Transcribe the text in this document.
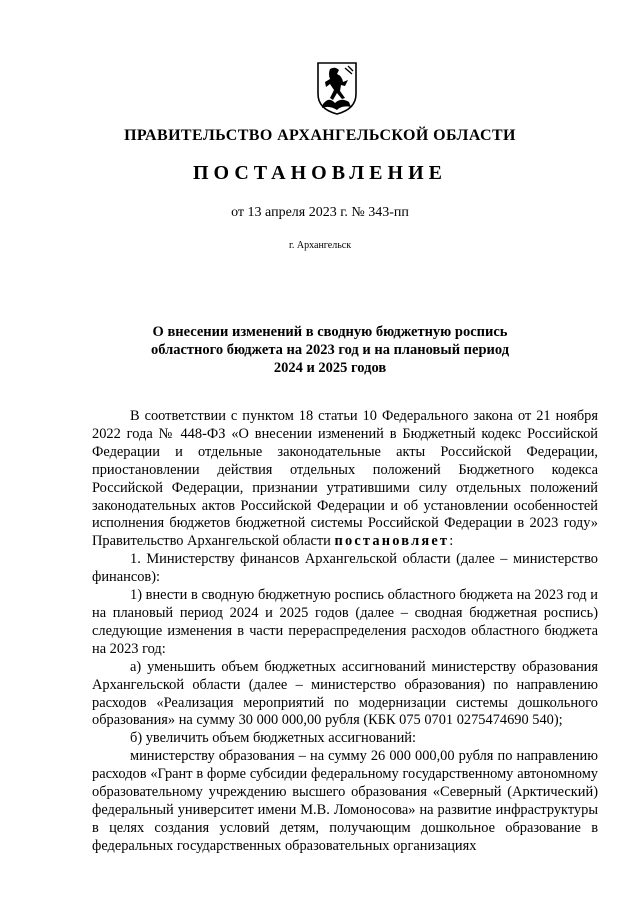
ПРАВИТЕЛЬСТВО АРХАНГЕЛЬСКОЙ ОБЛАСТИ
ПОСТАНОВЛЕНИЕ
от 13 апреля 2023 г. № 343-пп
г. Архангельск
О внесении изменений в сводную бюджетную роспись
областного бюджета на 2023 год и на плановый период
2024 и 2025 годов

В соответствии с пунктом 18 статьи 10 Федерального закона от 21 ноября 2022 года № 448-ФЗ «О внесении изменений в Бюджетный кодекс Российской Федерации и отдельные законодательные акты Российской Федерации, приостановлении действия отдельных положений Бюджетного кодекса Российской Федерации, признании утратившими силу отдельных положений законодательных актов Российской Федерации и об установлении особенностей исполнения бюджетов бюджетной системы Российской Федерации в 2023 году» Правительство Архангельской области постановляет:

1. Министерству финансов Архангельской области (далее – министерство финансов):

1) внести в сводную бюджетную роспись областного бюджета на 2023 год и на плановый период 2024 и 2025 годов (далее – сводная бюджетная роспись) следующие изменения в части перераспределения расходов областного бюджета на 2023 год:

а) уменьшить объем бюджетных ассигнований министерству образования Архангельской области (далее – министерство образования) по направлению расходов «Реализация мероприятий по модернизации системы дошкольного образования» на сумму 30 000 000,00 рубля (КБК 075 0701 0275474690 540);

б) увеличить объем бюджетных ассигнований:

министерству образования – на сумму 26 000 000,00 рубля по направлению расходов «Грант в форме субсидии федеральному государственному автономному образовательному учреждению высшего образования «Северный (Арктический) федеральный университет имени М.В. Ломоносова» на развитие инфраструктуры в целях создания условий детям, получающим дошкольное образование в федеральных государственных образовательных организациях
